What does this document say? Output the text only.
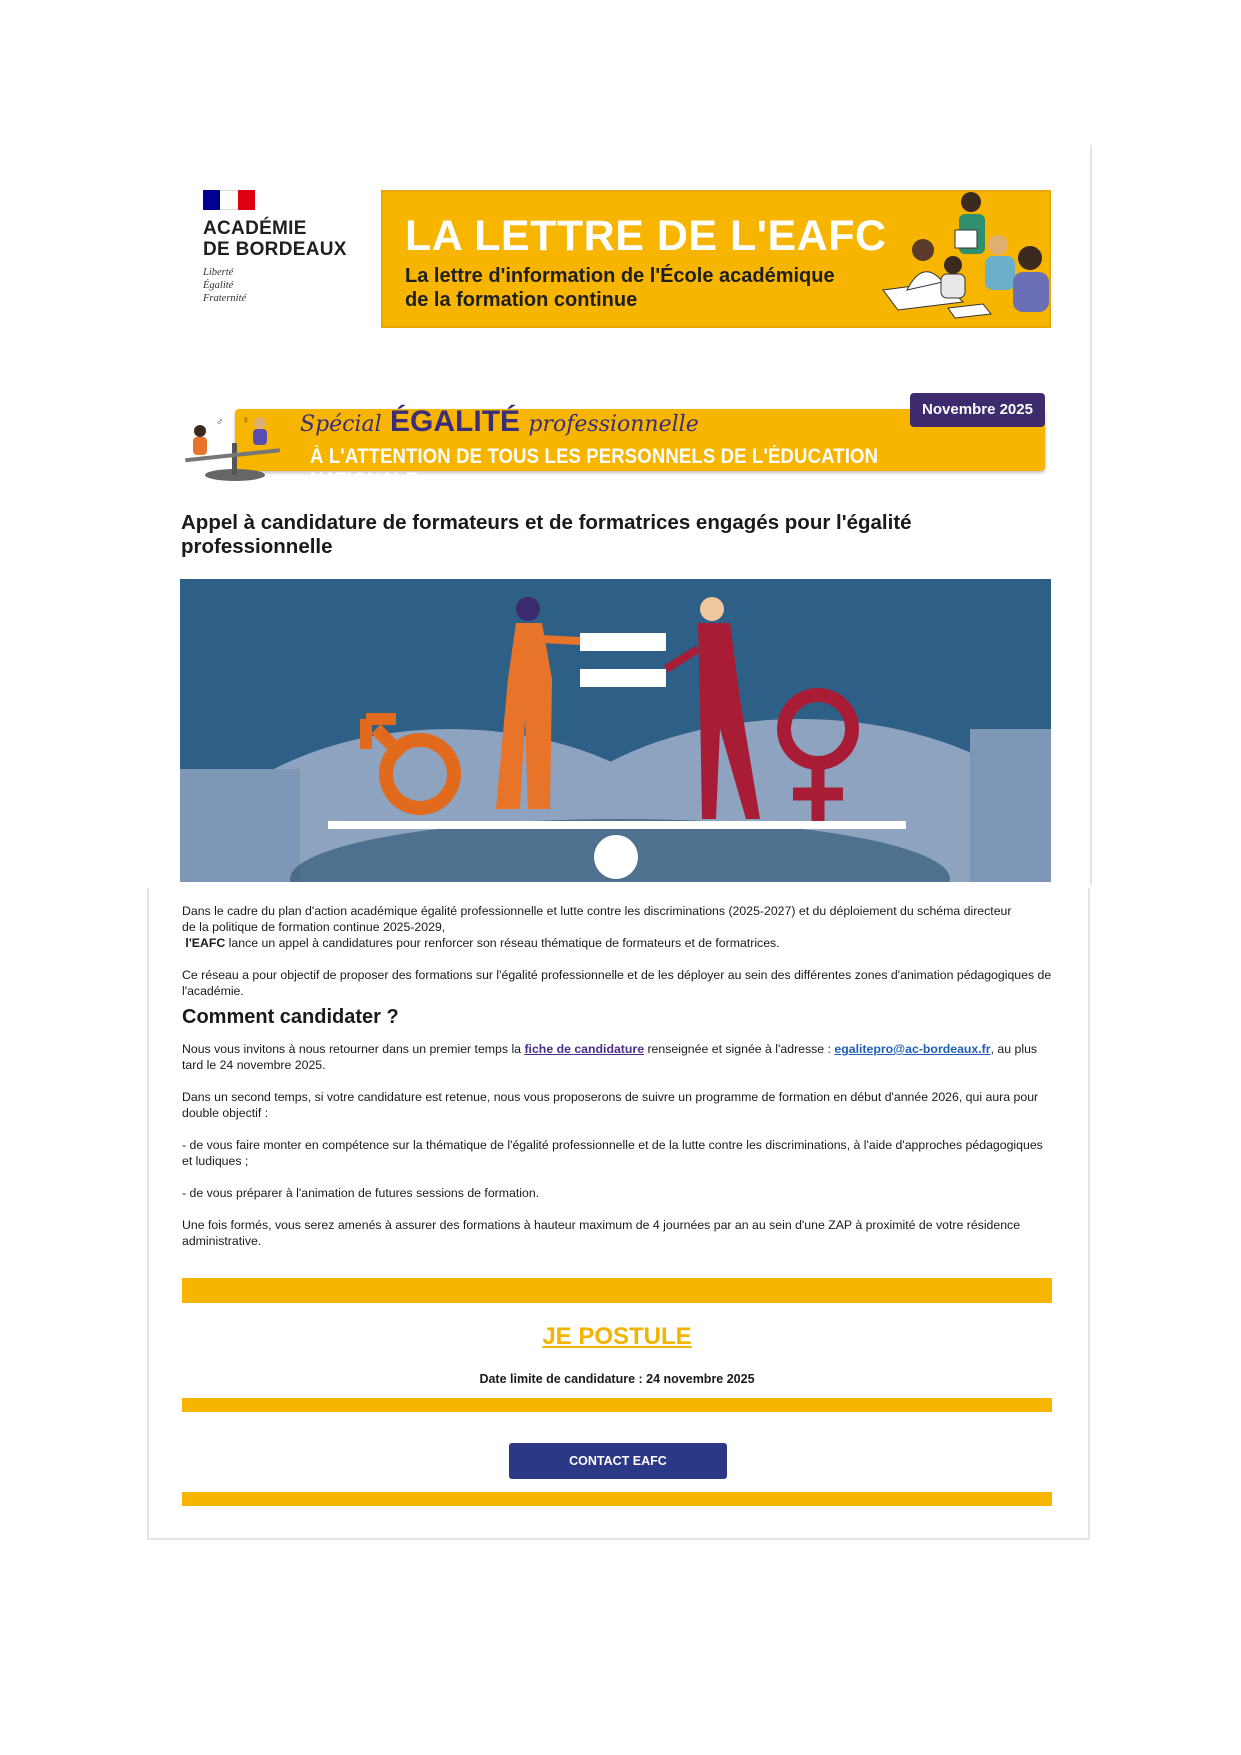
ACADÉMIE
DE BORDEAUX
Liberté
Égalité
Fraternité
LA LETTRE DE L'EAFC
La lettre d'information de l'École académique
de la formation continue
♂ ♀ Spécial ÉGALITÉ professionnelle
À L'ATTENTION DE TOUS LES PERSONNELS DE L'ÉDUCATION NATIONALE
Novembre 2025
Appel à candidature de formateurs et de formatrices engagés pour l'égalité professionnelle

Dans le cadre du plan d'action académique égalité professionnelle et lutte contre les discriminations (2025-2027) et du déploiement du schéma directeur
de la politique de formation continue 2025-2029,
l'EAFC lance un appel à candidatures pour renforcer son réseau thématique de formateurs et de formatrices.

Ce réseau a pour objectif de proposer des formations sur l'égalité professionnelle et de les déployer au sein des différentes zones d'animation pédagogiques de l'académie.

Comment candidater ?

Nous vous invitons à nous retourner dans un premier temps la fiche de candidature renseignée et signée à l'adresse : egalitepro@ac-bordeaux.fr, au plus tard le 24 novembre 2025.

Dans un second temps, si votre candidature est retenue, nous vous proposerons de suivre un programme de formation en début d'année 2026, qui aura pour double objectif :

- de vous faire monter en compétence sur la thématique de l'égalité professionnelle et de la lutte contre les discriminations, à l'aide d'approches pédagogiques et ludiques ;

- de vous préparer à l'animation de futures sessions de formation.

Une fois formés, vous serez amenés à assurer des formations à hauteur maximum de 4 journées par an au sein d'une ZAP à proximité de votre résidence administrative.

JE POSTULE
Date limite de candidature : 24 novembre 2025
CONTACT EAFC
